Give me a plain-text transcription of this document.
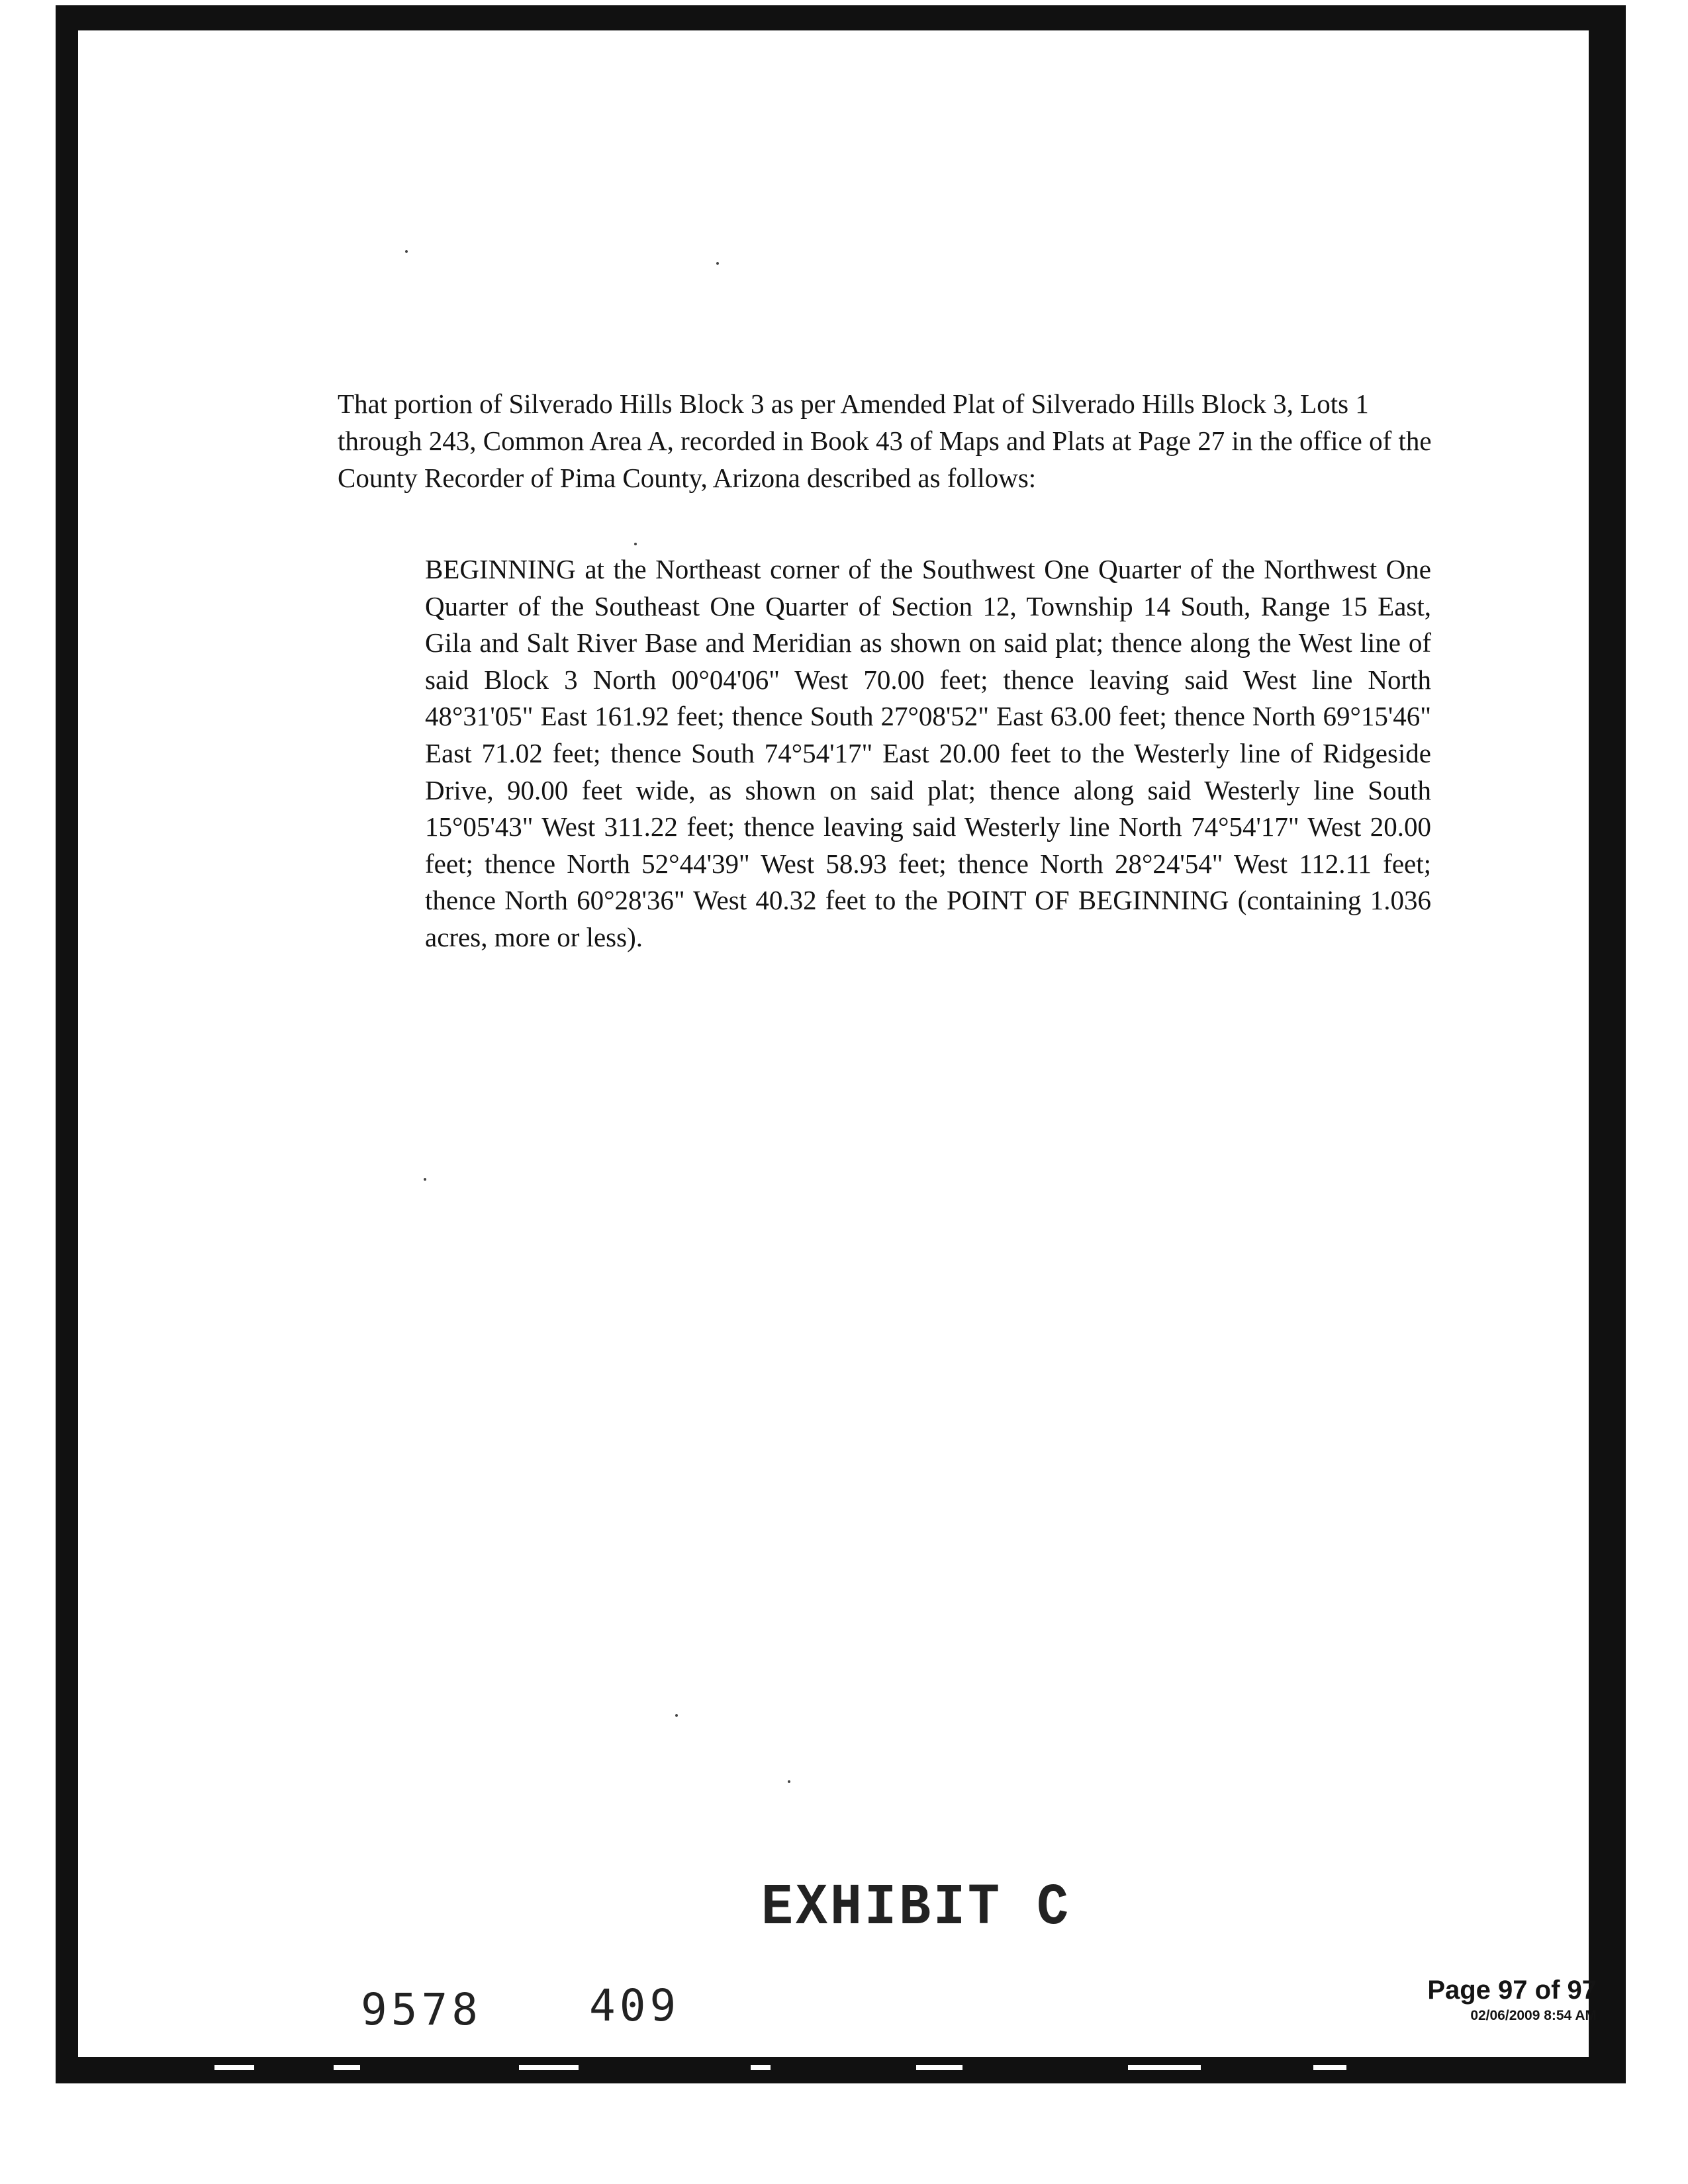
That portion of Silverado Hills Block 3 as per Amended Plat of Silverado Hills Block 3, Lots 1 through 243, Common Area A, recorded in Book 43 of Maps and Plats at Page 27 in the office of the County Recorder of Pima County, Arizona described as follows:

BEGINNING at the Northeast corner of the Southwest One Quarter of the Northwest One Quarter of the Southeast One Quarter of Section 12, Township 14 South, Range 15 East, Gila and Salt River Base and Meridian as shown on said plat; thence along the West line of said Block 3 North 00°04'06" West 70.00 feet; thence leaving said West line North 48°31'05" East 161.92 feet; thence South 27°08'52" East 63.00 feet; thence North 69°15'46" East 71.02 feet; thence South 74°54'17" East 20.00 feet to the Westerly line of Ridgeside Drive, 90.00 feet wide, as shown on said plat; thence along said Westerly line South 15°05'43" West 311.22 feet; thence leaving said Westerly line North 74°54'17" West 20.00 feet; thence North 52°44'39" West 58.93 feet; thence North 28°24'54" West 112.11 feet; thence North 60°28'36" West 40.32 feet to the POINT OF BEGINNING (containing 1.036 acres, more or less).

EXHIBIT C

9578 409	Page 97 of 97

02/06/2009 8:54 AM
